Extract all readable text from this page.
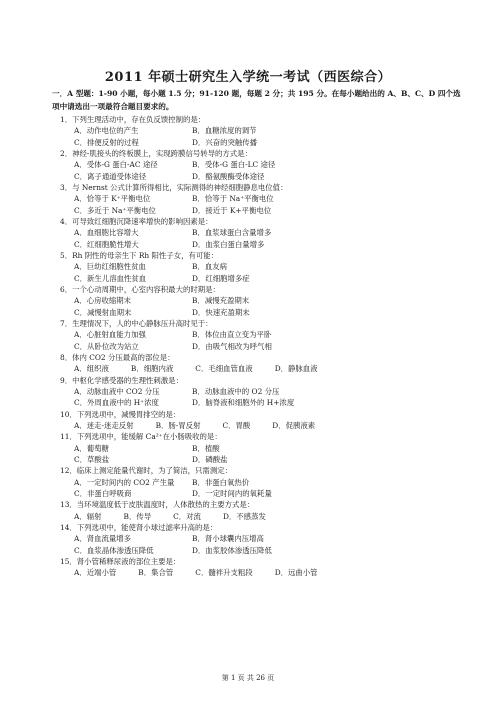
2011 年硕士研究生入学统一考试（西医综合）
一．A 型题：1-90 小题，每小题 1.5 分；91-120 题，每题 2 分；共 195 分。在每小题给出的 A、B、C、D 四个选项中请选出一项最符合题目要求的。
1．下列生理活动中，存在负反馈控制的是：
A．动作电位的产生	B．血糖浓度的调节
C．排便反射的过程	D．兴奋的突触传播
2．神经-肌接头的终板膜上，实现跨膜信号转导的方式是：
A．受体-G 蛋白-AC 途径	B．受体-G 蛋白-LC 途径
C．离子通道受体途径	D．酪氨酸酶受体途径
3．与 Nernst 公式计算所得相比，实际测得的神经细胞静息电位值：
A．恰等于 K⁺平衡电位	B．恰等于 Na⁺平衡电位
C．多近于 Na⁺平衡电位	D．接近于 K+平衡电位
4．可导致红细胞沉降速率增快的影响因素是：
A．血细胞比容增大	B．血浆球蛋白含量增多
C．红细胞脆性增大	D．血浆白蛋白量增多
5．Rh 阴性的母亲生下 Rh 阳性子女，有可能：
A．巨幼红细胞性贫血	B．血友病
C．新生儿溶血性贫血	D．红细胞增多症
6．一个心动周期中，心室内容积最大的时期是：
A．心房收缩期末	B．减慢充盈期末
C．减慢射血期末	D．快速充盈期末
7．生理情况下，人的中心静脉压升高时见于：
A．心脏射血能力加强	B．体位由直立变为平卧
C．从卧位改为站立	D．由吸气相改为呼气相
8．体内 CO2 分压最高的部位是：
A．组织液	B．细胞内液	C．毛细血管血液	D．静脉血液
9．中枢化学感受器的生理性刺激是：
A．动脉血液中 CO2 分压	B．动脉血液中的 O2 分压
C．外周血液中的 H⁺浓度	D．脑脊液和细胞外的 H+浓度
10．下列选项中，减慢胃排空的是：
A．迷走-迷走反射	B．肠-胃反射	C．胃酸	D．促胰液素
11．下列选项中，能缓解 Ca²⁺在小肠吸收的是：
A．葡萄糖	B．植酸
C．草酸盐	D．磷酸盐
12．临床上测定能量代谢时，为了简洁，只需测定：
A．一定时间内的 CO2 产生量	B．非蛋白氧热价
C．非蛋白呼吸商	D．一定时间内的氧耗量
13．当环境温度低于皮肤温度时，人体散热的主要方式是：
A．辐射	B．传导	C．对流	D．不感蒸发
14．下列选项中，能使肾小球过滤率升高的是：
A．肾血流量增多	B．肾小球囊内压增高
C．血浆晶体渗透压降低	D．血浆胶体渗透压降低
15．肾小管稀释尿液的部位主要是：
A．近端小管	B．集合管	C．髓袢升支粗段	D．远曲小管
第 1 页 共 26 页
